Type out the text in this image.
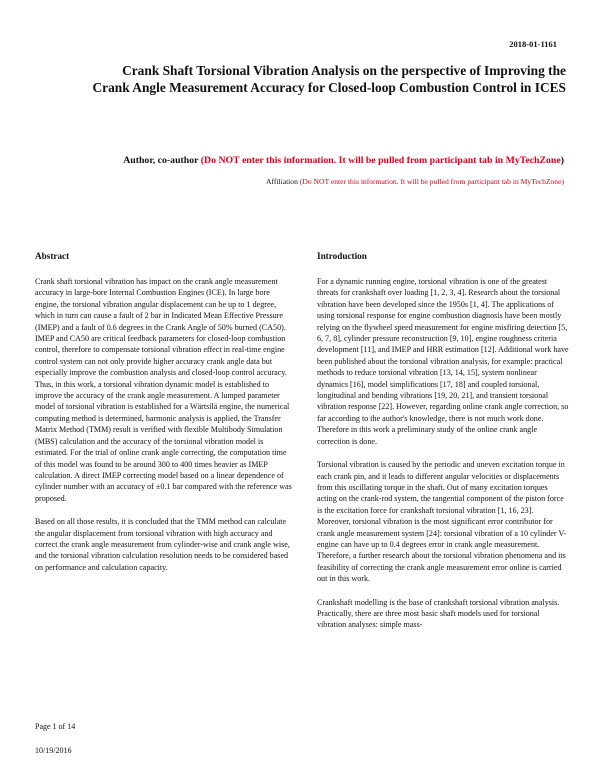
2018-01-1161
Crank Shaft Torsional Vibration Analysis on the perspective of Improving the
Crank Angle Measurement Accuracy for Closed-loop Combustion Control in ICES
Author, co-author (Do NOT enter this information. It will be pulled from participant tab in MyTechZone)
Affiliation (Do NOT enter this information. It will be pulled from participant tab in MyTechZone)
Abstract

Crank shaft torsional vibration has impact on the crank angle measurement accuracy in large-bore Internal Combustion Engines (ICE). In large bore engine, the torsional vibration angular displacement can be up to 1 degree, which in turn can cause a fault of 2 bar in Indicated Mean Effective Pressure (IMEP) and a fault of 0.6 degrees in the Crank Angle of 50% burned (CA50). IMEP and CA50 are critical feedback parameters for closed-loop combustion control, therefore to compensate torsional vibration effect in real-time engine control system can not only provide higher accuracy crank angle data but especially improve the combustion analysis and closed-loop control accuracy. Thus, in this work, a torsional vibration dynamic model is established to improve the accuracy of the crank angle measurement. A lumped parameter model of torsional vibration is established for a Wärtsilä engine, the numerical computing method is determined, harmonic analysis is applied, the Transfer Matrix Method (TMM) result is verified with flexible Multibody Simulation (MBS) calculation and the accuracy of the torsional vibration model is estimated. For the trial of online crank angle correcting, the computation time of this model was found to be around 300 to 400 times heavier as IMEP calculation. A direct IMEP correcting model based on a linear dependence of cylinder number with an accuracy of ±0.1 bar compared with the reference was proposed.

Based on all those results, it is concluded that the TMM method can calculate the angular displacement from torsional vibration with high accuracy and correct the crank angle measurement from cylinder-wise and crank angle wise, and the torsional vibration calculation resolution needs to be considered based on performance and calculation capacity.

Introduction

For a dynamic running engine, torsional vibration is one of the greatest threats for crankshaft over loading [1, 2, 3, 4]. Research about the torsional vibration have been developed since the 1950s [1, 4]. The applications of using torsional response for engine combustion diagnosis have been mostly relying on the flywheel speed measurement for engine misfiring detection [5, 6, 7, 8], cylinder pressure reconstruction [9, 10], engine roughness criteria development [11], and IMEP and HRR estimation [12]. Additional work have been published about the torsional vibration analysis, for example: practical methods to reduce torsional vibration [13, 14, 15], system nonlinear dynamics [16], model simplifications [17, 18] and coupled torsional, longitudinal and bending vibrations [19, 20, 21], and transient torsional vibration response [22]. However, regarding online crank angle correction, so far according to the author's knowledge, there is not much work done. Therefore in this work a preliminary study of the online crank angle correction is done.

Torsional vibration is caused by the periodic and uneven excitation torque in each crank pin, and it leads to different angular velocities or displacements from this oscillating torque in the shaft. Out of many excitation torques acting on the crank-rod system, the tangential component of the piston force is the excitation force for crankshaft torsional vibration [1, 16, 23]. Moreover, torsional vibration is the most significant error contributor for crank angle measurement system [24]: torsional vibration of a 10 cylinder V-engine can have up to 0.4 degrees error in crank angle measurement. Therefore, a further research about the torsional vibration phenomena and its feasibility of correcting the crank angle measurement error online is carried out in this work.

Crankshaft modelling is the base of crankshaft torsional vibration analysis. Practically, there are three most basic shaft models used for torsional vibration analyses: simple mass-

Page 1 of 14
10/19/2016
